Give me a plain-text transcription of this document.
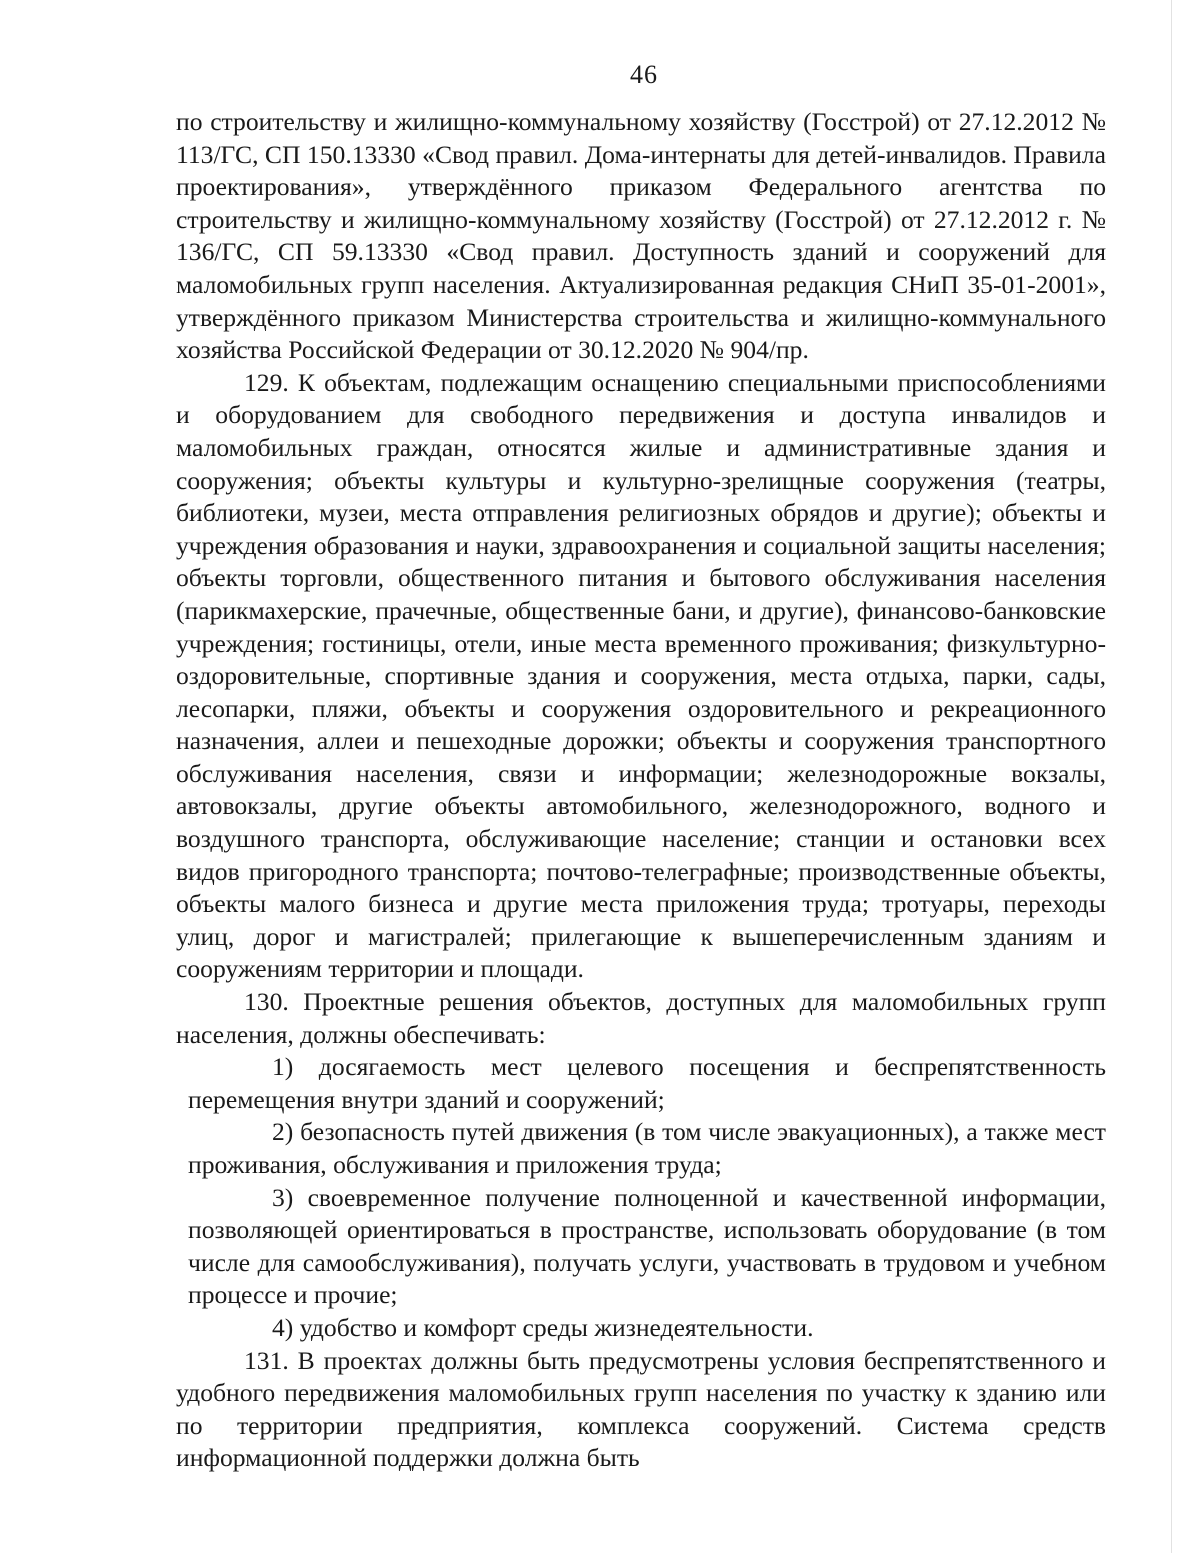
46

по строительству и жилищно-коммунальному хозяйству (Госстрой) от 27.12.2012 № 113/ГС, СП 150.13330 «Свод правил. Дома-интернаты для детей-инвалидов. Правила проектирования», утверждённого приказом Федерального агентства по строительству и жилищно-коммунальному хозяйству (Госстрой) от 27.12.2012 г. № 136/ГС, СП 59.13330 «Свод правил. Доступность зданий и сооружений для маломобильных групп населения. Актуализированная редакция СНиП 35-01-2001», утверждённого приказом Министерства строительства и жилищно-коммунального хозяйства Российской Федерации от 30.12.2020 № 904/пр.

129. К объектам, подлежащим оснащению специальными приспособлениями и оборудованием для свободного передвижения и доступа инвалидов и маломобильных граждан, относятся жилые и административные здания и сооружения; объекты культуры и культурно-зрелищные сооружения (театры, библиотеки, музеи, места отправления религиозных обрядов и другие); объекты и учреждения образования и науки, здравоохранения и социальной защиты населения; объекты торговли, общественного питания и бытового обслуживания населения (парикмахерские, прачечные, общественные бани, и другие), финансово-банковские учреждения; гостиницы, отели, иные места временного проживания; физкультурно-оздоровительные, спортивные здания и сооружения, места отдыха, парки, сады, лесопарки, пляжи, объекты и сооружения оздоровительного и рекреационного назначения, аллеи и пешеходные дорожки; объекты и сооружения транспортного обслуживания населения, связи и информации; железнодорожные вокзалы, автовокзалы, другие объекты автомобильного, железнодорожного, водного и воздушного транспорта, обслуживающие население; станции и остановки всех видов пригородного транспорта; почтово-телеграфные; производственные объекты, объекты малого бизнеса и другие места приложения труда; тротуары, переходы улиц, дорог и магистралей; прилегающие к вышеперечисленным зданиям и сооружениям территории и площади.

130. Проектные решения объектов, доступных для маломобильных групп населения, должны обеспечивать:

1) досягаемость мест целевого посещения и беспрепятственность перемещения внутри зданий и сооружений;

2) безопасность путей движения (в том числе эвакуационных), а также мест проживания, обслуживания и приложения труда;

3) своевременное получение полноценной и качественной информации, позволяющей ориентироваться в пространстве, использовать оборудование (в том числе для самообслуживания), получать услуги, участвовать в трудовом и учебном процессе и прочие;

4) удобство и комфорт среды жизнедеятельности.

131. В проектах должны быть предусмотрены условия беспрепятственного и удобного передвижения маломобильных групп населения по участку к зданию или по территории предприятия, комплекса сооружений. Система средств информационной поддержки должна быть
